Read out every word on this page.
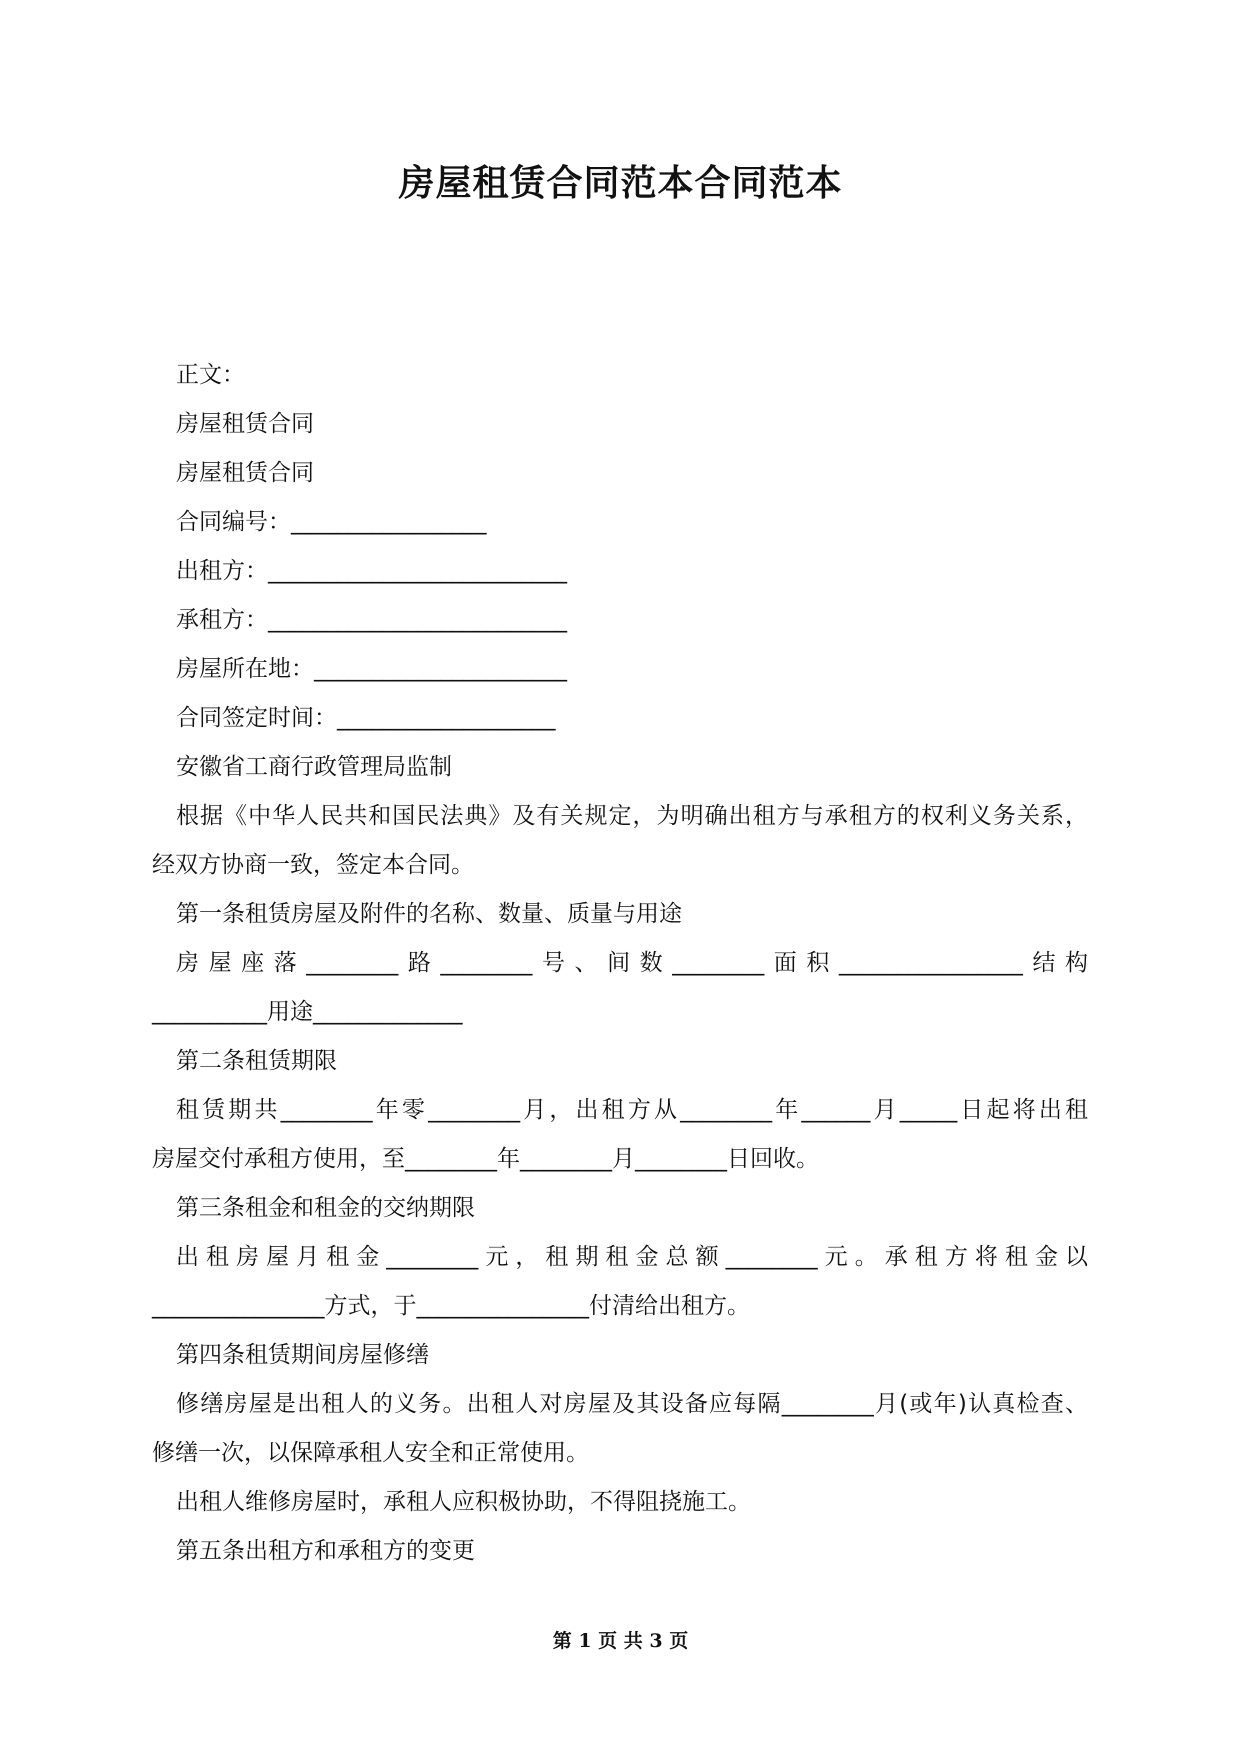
房屋租赁合同范本合同范本

正文：

房屋租赁合同

房屋租赁合同

合同编号：_________________

出租方：__________________________

承租方：__________________________

房屋所在地：______________________

合同签定时间：___________________

安徽省工商行政管理局监制

根据《中华人民共和国民法典》及有关规定，为明确出租方与承租方的权利义务关系，

经双方协商一致，签定本合同。

第一条租赁房屋及附件的名称、数量、质量与用途

房屋座落________路________号、间数________面积________________结构

__________用途_____________

第二条租赁期限

租赁期共________年零________月，出租方从________年______月_____日起将出租

房屋交付承租方使用，至________年________月________日回收。

第三条租金和租金的交纳期限

出租房屋月租金________元，租期租金总额________元。承租方将租金以

_______________方式，于_______________付清给出租方。

第四条租赁期间房屋修缮

修缮房屋是出租人的义务。出租人对房屋及其设备应每隔________月(或年)认真检查、

修缮一次，以保障承租人安全和正常使用。

出租人维修房屋时，承租人应积极协助，不得阻挠施工。

第五条出租方和承租方的变更

第 1 页 共 3 页
